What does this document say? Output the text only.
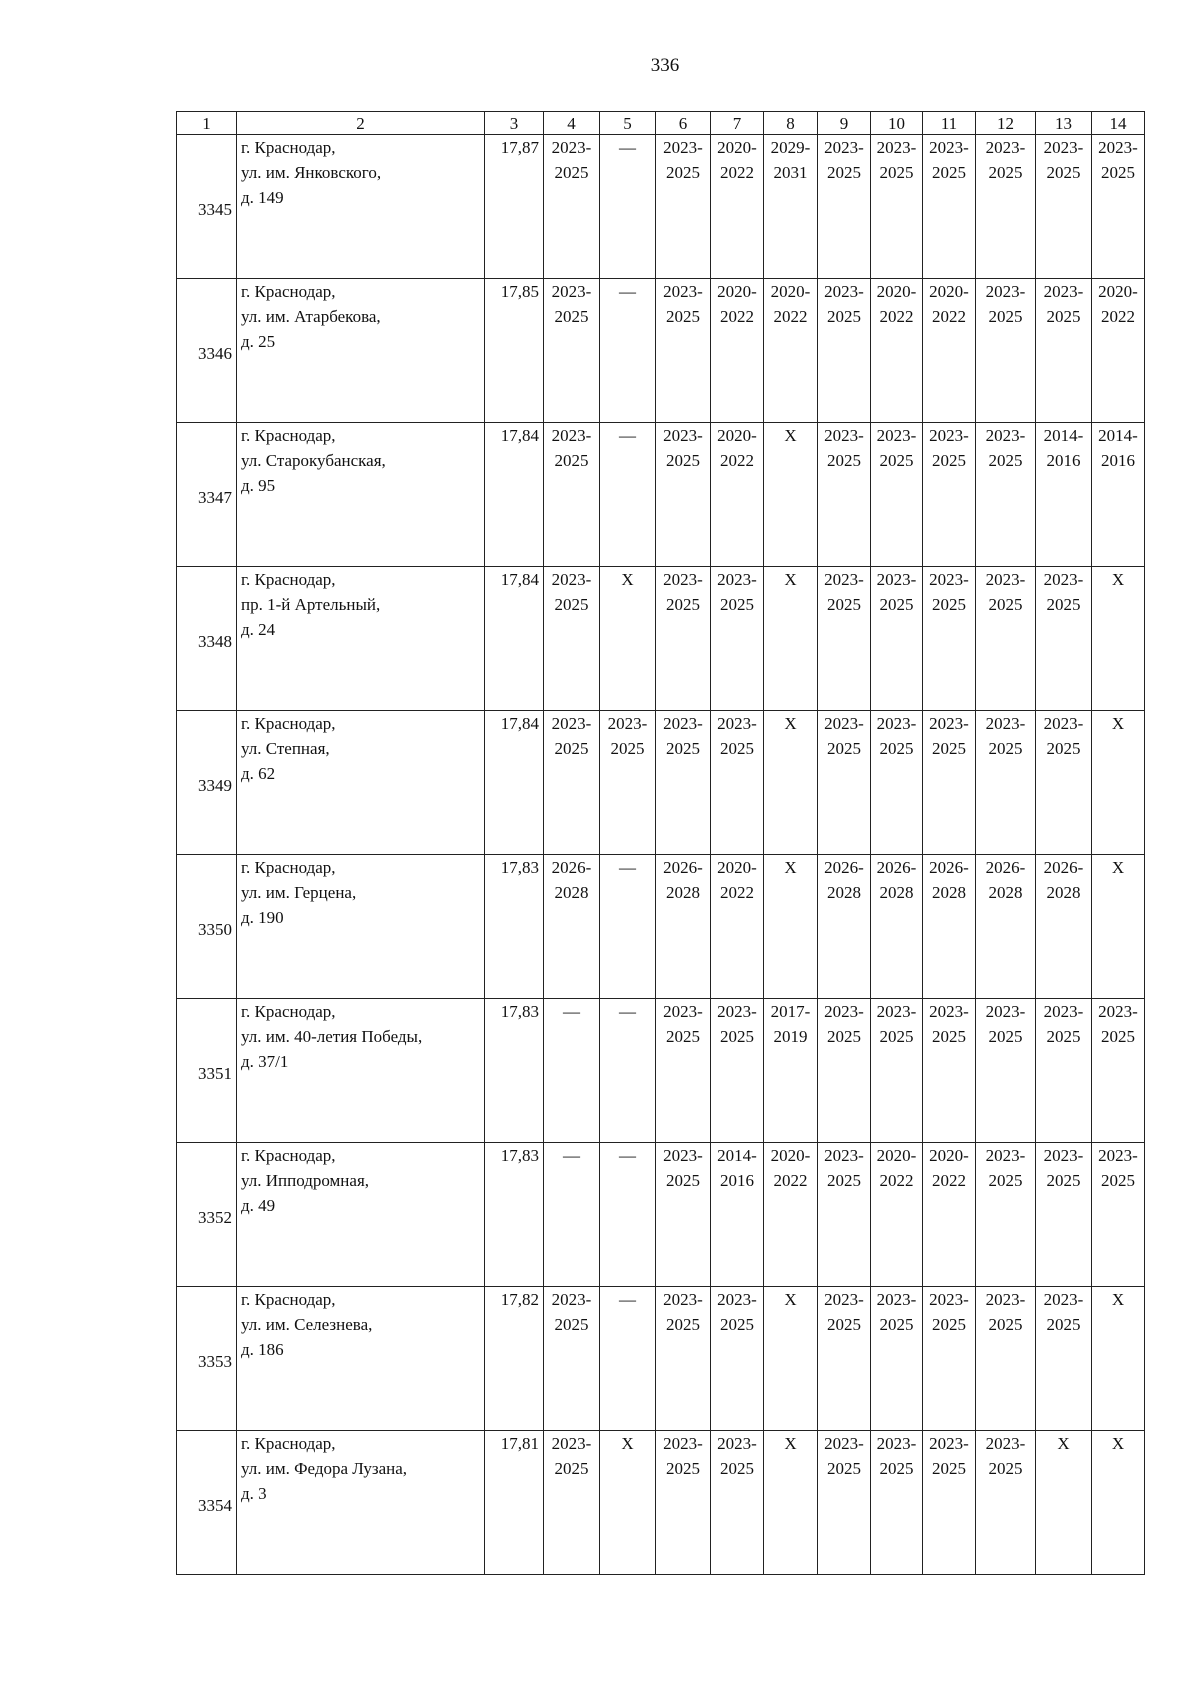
336
1	2	3	4	5	6	7	8	9	10	11	12	13	14

3345	г. Краснодар,
ул. им. Янковского,
д. 149	17,87	2023-
2025	—	2023-
2025	2020-
2022	2029-
2031	2023-
2025	2023-
2025	2023-
2025	2023-
2025	2023-
2025	2023-
2025

3346	г. Краснодар,
ул. им. Атарбекова,
д. 25	17,85	2023-
2025	—	2023-
2025	2020-
2022	2020-
2022	2023-
2025	2020-
2022	2020-
2022	2023-
2025	2023-
2025	2020-
2022

3347	г. Краснодар,
ул. Старокубанская,
д. 95	17,84	2023-
2025	—	2023-
2025	2020-
2022	X	2023-
2025	2023-
2025	2023-
2025	2023-
2025	2014-
2016	2014-
2016

3348	г. Краснодар,
пр. 1-й Артельный,
д. 24	17,84	2023-
2025	X	2023-
2025	2023-
2025	X	2023-
2025	2023-
2025	2023-
2025	2023-
2025	2023-
2025	X

3349	г. Краснодар,
ул. Степная,
д. 62	17,84	2023-
2025	2023-
2025	2023-
2025	2023-
2025	X	2023-
2025	2023-
2025	2023-
2025	2023-
2025	2023-
2025	X

3350	г. Краснодар,
ул. им. Герцена,
д. 190	17,83	2026-
2028	—	2026-
2028	2020-
2022	X	2026-
2028	2026-
2028	2026-
2028	2026-
2028	2026-
2028	X

3351	г. Краснодар,
ул. им. 40-летия Победы,
д. 37/1	17,83	—	—	2023-
2025	2023-
2025	2017-
2019	2023-
2025	2023-
2025	2023-
2025	2023-
2025	2023-
2025	2023-
2025

3352	г. Краснодар,
ул. Ипподромная,
д. 49	17,83	—	—	2023-
2025	2014-
2016	2020-
2022	2023-
2025	2020-
2022	2020-
2022	2023-
2025	2023-
2025	2023-
2025

3353	г. Краснодар,
ул. им. Селезнева,
д. 186	17,82	2023-
2025	—	2023-
2025	2023-
2025	X	2023-
2025	2023-
2025	2023-
2025	2023-
2025	2023-
2025	X

3354	г. Краснодар,
ул. им. Федора Лузана,
д. 3	17,81	2023-
2025	X	2023-
2025	2023-
2025	X	2023-
2025	2023-
2025	2023-
2025	2023-
2025	X	X
